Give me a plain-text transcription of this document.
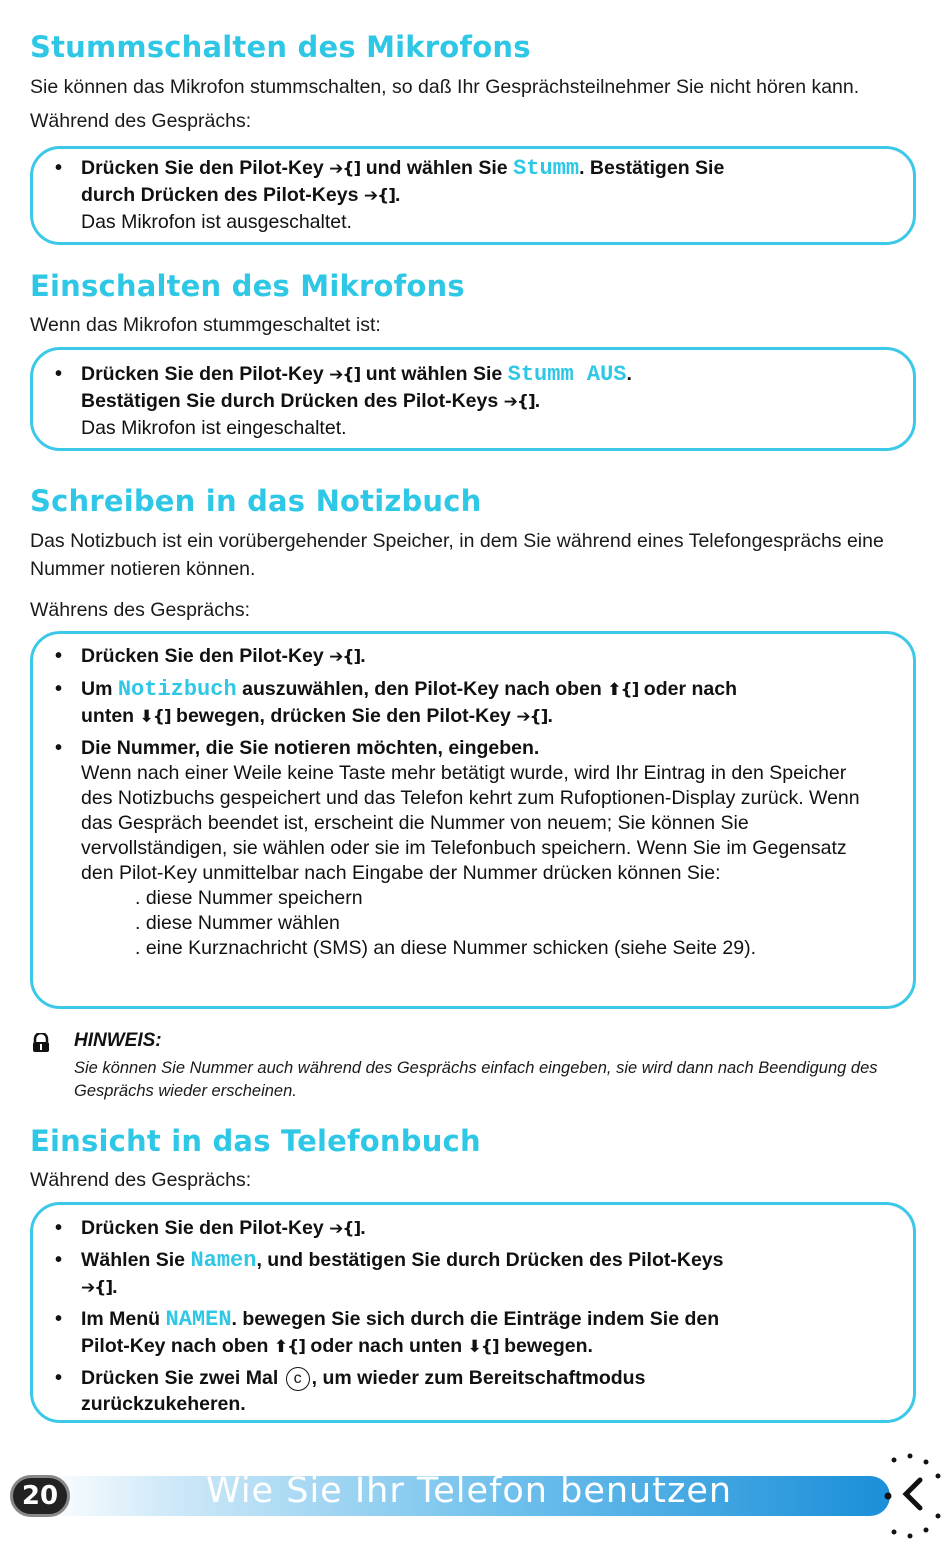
Stummschalten des Mikrofons

Sie können das Mikrofon stummschalten, so daß Ihr Gesprächsteilnehmer Sie nicht hören kann.

Während des Gesprächs:

• Drücken Sie den Pilot-Key ➔{] und wählen Sie Stumm. Bestätigen Sie
durch Drücken des Pilot-Keys ➔{].
Das Mikrofon ist ausgeschaltet.
Einschalten des Mikrofons

Wenn das Mikrofon stummgeschaltet ist:

• Drücken Sie den Pilot-Key ➔{] unt wählen Sie Stumm AUS.
Bestätigen Sie durch Drücken des Pilot-Keys ➔{].
Das Mikrofon ist eingeschaltet.
Schreiben in das Notizbuch

Das Notizbuch ist ein vorübergehender Speicher, in dem Sie während eines Telefongesprächs eine Nummer notieren können.

Währens des Gesprächs:

• Drücken Sie den Pilot-Key ➔{].
• Um Notizbuch auszuwählen, den Pilot-Key nach oben ⬆{] oder nach
unten ⬇{] bewegen, drücken Sie den Pilot-Key ➔{].
• Die Nummer, die Sie notieren möchten, eingeben.

Wenn nach einer Weile keine Taste mehr betätigt wurde, wird Ihr Eintrag in den Speicher des Notizbuchs gespeichert und das Telefon kehrt zum Rufoptionen-Display zurück. Wenn das Gespräch beendet ist, erscheint die Nummer von neuem; Sie können Sie vervollständigen, sie wählen oder sie im Telefonbuch speichern. Wenn Sie im Gegensatz den Pilot-Key unmittelbar nach Eingabe der Nummer drücken können Sie:
. diese Nummer speichern
. diese Nummer wählen
. eine Kurznachricht (SMS) an diese Nummer schicken (siehe Seite 29).
HINWEIS:
Sie können Sie Nummer auch während des Gesprächs einfach eingeben, sie wird dann nach Beendigung des Gesprächs wieder erscheinen.
Einsicht in das Telefonbuch

Während des Gesprächs:

• Drücken Sie den Pilot-Key ➔{].
• Wählen Sie Namen, und bestätigen Sie durch Drücken des Pilot-Keys
➔{].
• Im Menü NAMEN. bewegen Sie sich durch die Einträge indem Sie den
Pilot-Key nach oben ⬆{] oder nach unten ⬇{] bewegen.
• Drücken Sie zwei Mal c , um wieder zum Bereitschaftmodus
zurückzukeheren.
Wie Sie Ihr Telefon benutzen
20
